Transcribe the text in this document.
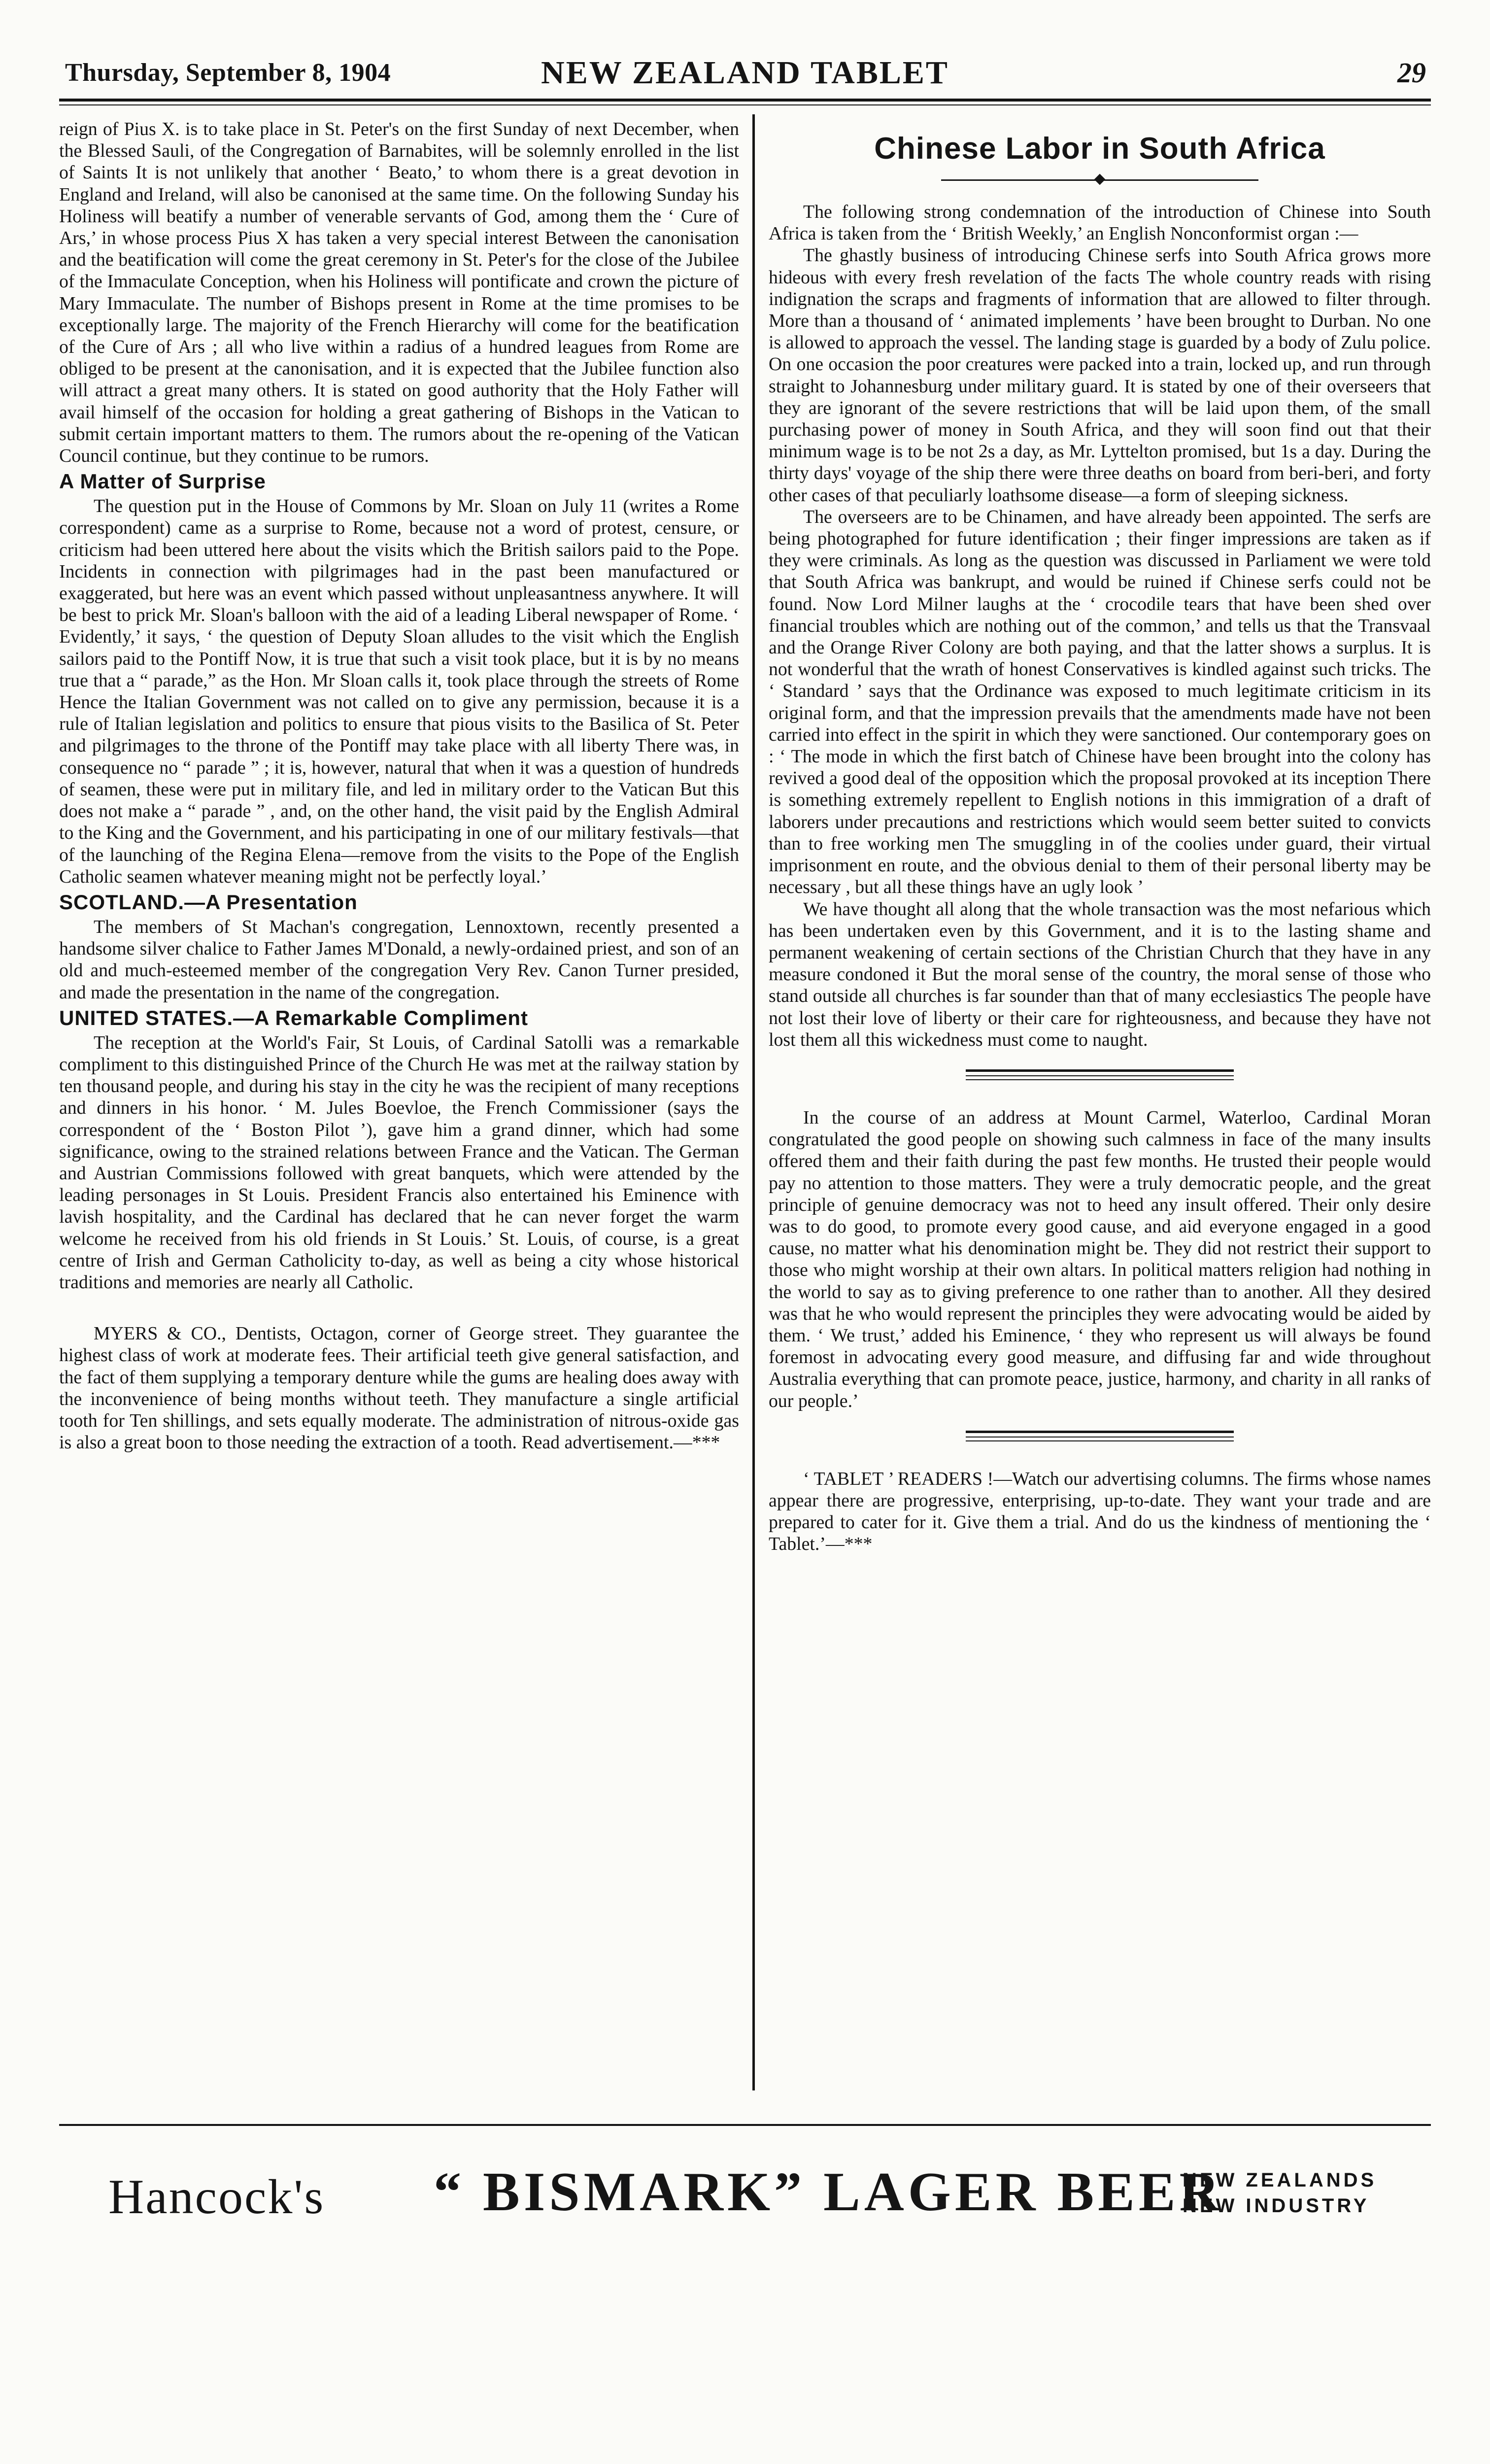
Thursday, September 8, 1904	NEW ZEALAND TABLET	29

reign of Pius X. is to take place in St. Peter's on the first Sunday of next December, when the Blessed Sauli, of the Congregation of Barnabites, will be solemnly enrolled in the list of Saints It is not unlikely that another ‘ Beato,’ to whom there is a great devotion in England and Ireland, will also be canonised at the same time. On the following Sunday his Holiness will beatify a number of venerable servants of God, among them the ‘ Cure of Ars,’ in whose process Pius X has taken a very special interest Between the canonisation and the beatification will come the great ceremony in St. Peter's for the close of the Jubilee of the Immaculate Conception, when his Holiness will pontificate and crown the picture of Mary Immaculate. The number of Bishops present in Rome at the time promises to be exceptionally large. The majority of the French Hierarchy will come for the beatification of the Cure of Ars ; all who live within a radius of a hundred leagues from Rome are obliged to be present at the canonisation, and it is expected that the Jubilee function also will attract a great many others. It is stated on good authority that the Holy Father will avail himself of the occasion for holding a great gathering of Bishops in the Vatican to submit certain important matters to them. The rumors about the re-opening of the Vatican Council continue, but they continue to be rumors.

A Matter of Surprise

The question put in the House of Commons by Mr. Sloan on July 11 (writes a Rome correspondent) came as a surprise to Rome, because not a word of protest, censure, or criticism had been uttered here about the visits which the British sailors paid to the Pope. Incidents in connection with pilgrimages had in the past been manufactured or exaggerated, but here was an event which passed without unpleasantness anywhere. It will be best to prick Mr. Sloan's balloon with the aid of a leading Liberal newspaper of Rome. ‘ Evidently,’ it says, ‘ the question of Deputy Sloan alludes to the visit which the English sailors paid to the Pontiff Now, it is true that such a visit took place, but it is by no means true that a “ parade,” as the Hon. Mr Sloan calls it, took place through the streets of Rome Hence the Italian Government was not called on to give any permission, because it is a rule of Italian legislation and politics to ensure that pious visits to the Basilica of St. Peter and pilgrimages to the throne of the Pontiff may take place with all liberty There was, in consequence no “ parade ” ; it is, however, natural that when it was a question of hundreds of seamen, these were put in military file, and led in military order to the Vatican But this does not make a “ parade ” , and, on the other hand, the visit paid by the English Admiral to the King and the Government, and his participating in one of our military festivals—that of the launching of the Regina Elena—remove from the visits to the Pope of the English Catholic seamen whatever meaning might not be perfectly loyal.’

SCOTLAND.—A Presentation

The members of St Machan's congregation, Lennoxtown, recently presented a handsome silver chalice to Father James M'Donald, a newly-ordained priest, and son of an old and much-esteemed member of the congregation Very Rev. Canon Turner presided, and made the presentation in the name of the congregation.

UNITED STATES.—A Remarkable Compliment

The reception at the World's Fair, St Louis, of Cardinal Satolli was a remarkable compliment to this distinguished Prince of the Church He was met at the railway station by ten thousand people, and during his stay in the city he was the recipient of many receptions and dinners in his honor. ‘ M. Jules Boevloe, the French Commissioner (says the correspondent of the ‘ Boston Pilot ’), gave him a grand dinner, which had some significance, owing to the strained relations between France and the Vatican. The German and Austrian Commissions followed with great banquets, which were attended by the leading personages in St Louis. President Francis also entertained his Eminence with lavish hospitality, and the Cardinal has declared that he can never forget the warm welcome he received from his old friends in St Louis.’ St. Louis, of course, is a great centre of Irish and German Catholicity to-day, as well as being a city whose historical traditions and memories are nearly all Catholic.

MYERS & CO., Dentists, Octagon, corner of George street. They guarantee the highest class of work at moderate fees. Their artificial teeth give general satisfaction, and the fact of them supplying a temporary denture while the gums are healing does away with the inconvenience of being months without teeth. They manufacture a single artificial tooth for Ten shillings, and sets equally moderate. The administration of nitrous-oxide gas is also a great boon to those needing the extraction of a tooth. Read advertisement.—***

Chinese Labor in South Africa

The following strong condemnation of the introduction of Chinese into South Africa is taken from the ‘ British Weekly,’ an English Nonconformist organ :—

The ghastly business of introducing Chinese serfs into South Africa grows more hideous with every fresh revelation of the facts The whole country reads with rising indignation the scraps and fragments of information that are allowed to filter through. More than a thousand of ‘ animated implements ’ have been brought to Durban. No one is allowed to approach the vessel. The landing stage is guarded by a body of Zulu police. On one occasion the poor creatures were packed into a train, locked up, and run through straight to Johannesburg under military guard. It is stated by one of their overseers that they are ignorant of the severe restrictions that will be laid upon them, of the small purchasing power of money in South Africa, and they will soon find out that their minimum wage is to be not 2s a day, as Mr. Lyttelton promised, but 1s a day. During the thirty days' voyage of the ship there were three deaths on board from beri-beri, and forty other cases of that peculiarly loathsome disease—a form of sleeping sickness.

The overseers are to be Chinamen, and have already been appointed. The serfs are being photographed for future identification ; their finger impressions are taken as if they were criminals. As long as the question was discussed in Parliament we were told that South Africa was bankrupt, and would be ruined if Chinese serfs could not be found. Now Lord Milner laughs at the ‘ crocodile tears that have been shed over financial troubles which are nothing out of the common,’ and tells us that the Transvaal and the Orange River Colony are both paying, and that the latter shows a surplus. It is not wonderful that the wrath of honest Conservatives is kindled against such tricks. The ‘ Standard ’ says that the Ordinance was exposed to much legitimate criticism in its original form, and that the impression prevails that the amendments made have not been carried into effect in the spirit in which they were sanctioned. Our contemporary goes on : ‘ The mode in which the first batch of Chinese have been brought into the colony has revived a good deal of the opposition which the proposal provoked at its inception There is something extremely repellent to English notions in this immigration of a draft of laborers under precautions and restrictions which would seem better suited to convicts than to free working men The smuggling in of the coolies under guard, their virtual imprisonment en route, and the obvious denial to them of their personal liberty may be necessary , but all these things have an ugly look ’

We have thought all along that the whole transaction was the most nefarious which has been undertaken even by this Government, and it is to the lasting shame and permanent weakening of certain sections of the Christian Church that they have in any measure condoned it But the moral sense of the country, the moral sense of those who stand outside all churches is far sounder than that of many ecclesiastics The people have not lost their love of liberty or their care for righteousness, and because they have not lost them all this wickedness must come to naught.

In the course of an address at Mount Carmel, Waterloo, Cardinal Moran congratulated the good people on showing such calmness in face of the many insults offered them and their faith during the past few months. He trusted their people would pay no attention to those matters. They were a truly democratic people, and the great principle of genuine democracy was not to heed any insult offered. Their only desire was to do good, to promote every good cause, and aid everyone engaged in a good cause, no matter what his denomination might be. They did not restrict their support to those who might worship at their own altars. In political matters religion had nothing in the world to say as to giving preference to one rather than to another. All they desired was that he who would represent the principles they were advocating would be aided by them. ‘ We trust,’ added his Eminence, ‘ they who represent us will always be found foremost in advocating every good measure, and diffusing far and wide throughout Australia everything that can promote peace, justice, harmony, and charity in all ranks of our people.’

‘ TABLET ’ READERS !—Watch our advertising columns. The firms whose names appear there are progressive, enterprising, up-to-date. They want your trade and are prepared to cater for it. Give them a trial. And do us the kindness of mentioning the ‘ Tablet.’—***

Hancock's “ BISMARK” LAGER BEER
NEW ZEALANDS
NEW INDUSTRY
